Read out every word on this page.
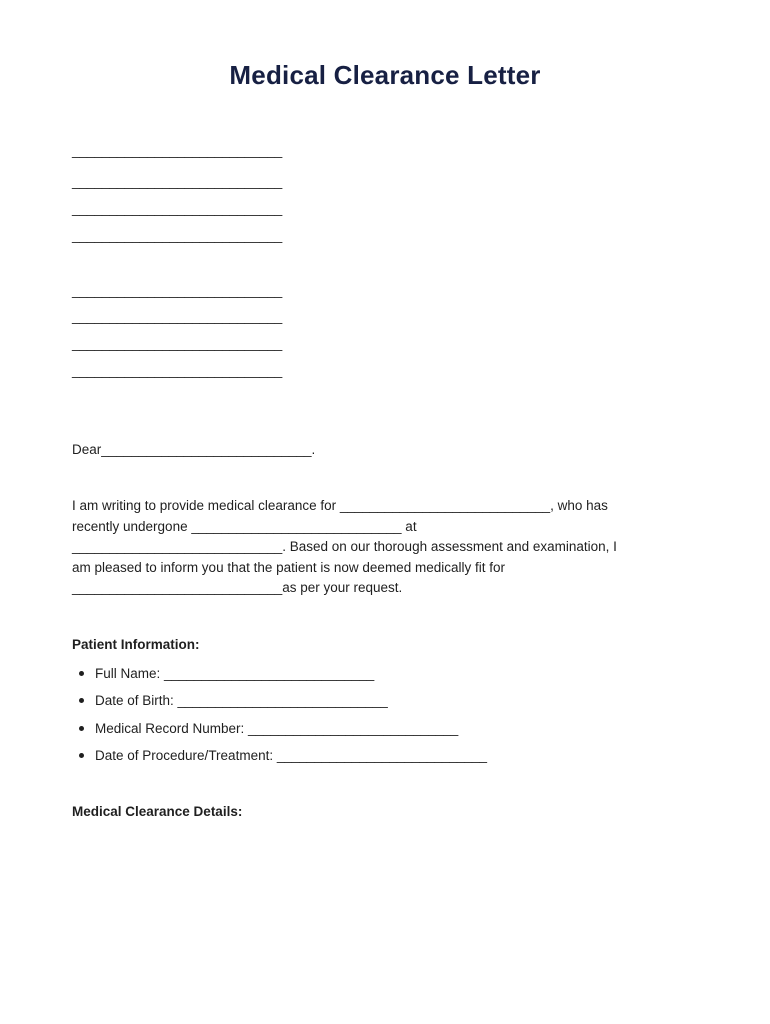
Medical Clearance Letter
____________________________
____________________________
____________________________
____________________________
____________________________
____________________________
____________________________
____________________________
Dear____________________________.
I am writing to provide medical clearance for ____________________________, who has
recently undergone ____________________________ at
____________________________. Based on our thorough assessment and examination, I
am pleased to inform you that the patient is now deemed medically fit for
____________________________as per your request.
Patient Information:
Full Name: ____________________________
Date of Birth: ____________________________
Medical Record Number: ____________________________
Date of Procedure/Treatment: ____________________________
Medical Clearance Details:
